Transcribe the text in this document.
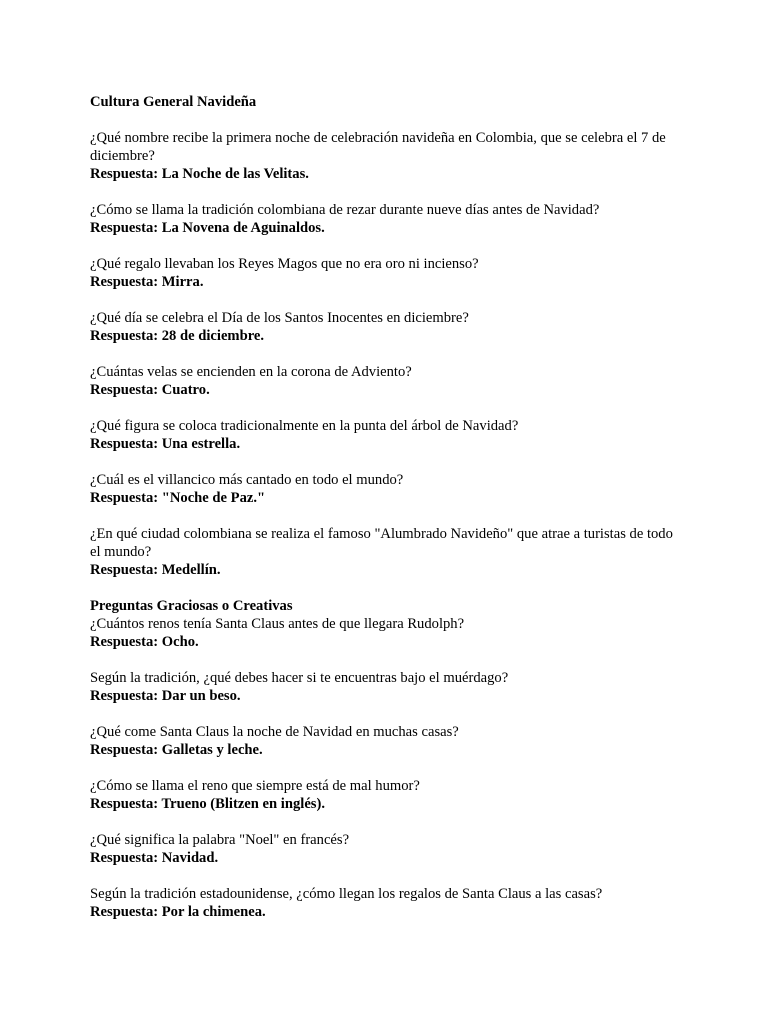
Cultura General Navideña

¿Qué nombre recibe la primera noche de celebración navideña en Colombia, que se celebra el 7 de diciembre?

Respuesta: La Noche de las Velitas.

¿Cómo se llama la tradición colombiana de rezar durante nueve días antes de Navidad?

Respuesta: La Novena de Aguinaldos.

¿Qué regalo llevaban los Reyes Magos que no era oro ni incienso?

Respuesta: Mirra.

¿Qué día se celebra el Día de los Santos Inocentes en diciembre?

Respuesta: 28 de diciembre.

¿Cuántas velas se encienden en la corona de Adviento?

Respuesta: Cuatro.

¿Qué figura se coloca tradicionalmente en la punta del árbol de Navidad?

Respuesta: Una estrella.

¿Cuál es el villancico más cantado en todo el mundo?

Respuesta: "Noche de Paz."

¿En qué ciudad colombiana se realiza el famoso "Alumbrado Navideño" que atrae a turistas de todo el mundo?

Respuesta: Medellín.

Preguntas Graciosas o Creativas

¿Cuántos renos tenía Santa Claus antes de que llegara Rudolph?

Respuesta: Ocho.

Según la tradición, ¿qué debes hacer si te encuentras bajo el muérdago?

Respuesta: Dar un beso.

¿Qué come Santa Claus la noche de Navidad en muchas casas?

Respuesta: Galletas y leche.

¿Cómo se llama el reno que siempre está de mal humor?

Respuesta: Trueno (Blitzen en inglés).

¿Qué significa la palabra "Noel" en francés?

Respuesta: Navidad.

Según la tradición estadounidense, ¿cómo llegan los regalos de Santa Claus a las casas?

Respuesta: Por la chimenea.
